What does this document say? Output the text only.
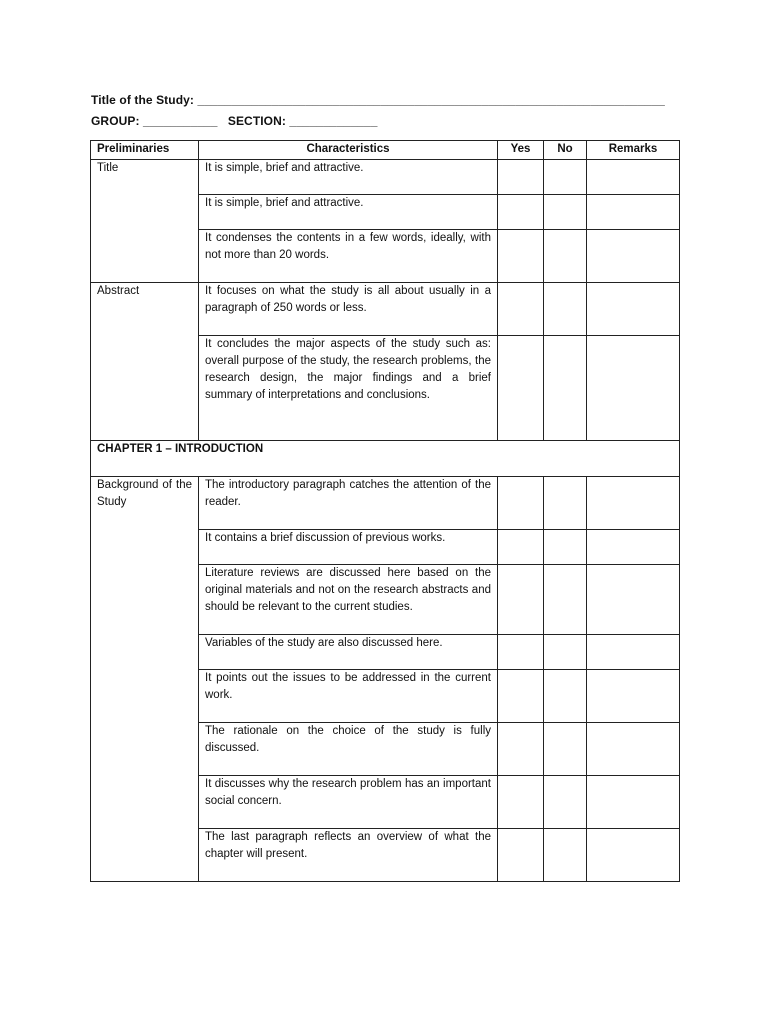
Title of the Study: _____________________________________________________________________
GROUP: ___________   SECTION: _____________
Preliminaries	Characteristics	Yes	No	Remarks
Title	It is simple, brief and attractive.			
	It is simple, brief and attractive.			
	It condenses the contents in a few words, ideally, with not more than 20 words.			
Abstract	It focuses on what the study is all about usually in a paragraph of 250 words or less.			
	It concludes the major aspects of the study such as: overall purpose of the study, the research problems, the research design, the major findings and a brief summary of interpretations and conclusions.			
CHAPTER 1 – INTRODUCTION				
Background of the Study	The introductory paragraph catches the attention of the reader.			
	It contains a brief discussion of previous works.			
	Literature reviews are discussed here based on the original materials and not on the research abstracts and should be relevant to the current studies.			
	Variables of the study are also discussed here.			
	It points out the issues to be addressed in the current work.			
	The rationale on the choice of the study is fully discussed.			
	It discusses why the research problem has an important social concern.			
	The last paragraph reflects an overview of what the chapter will present.			
